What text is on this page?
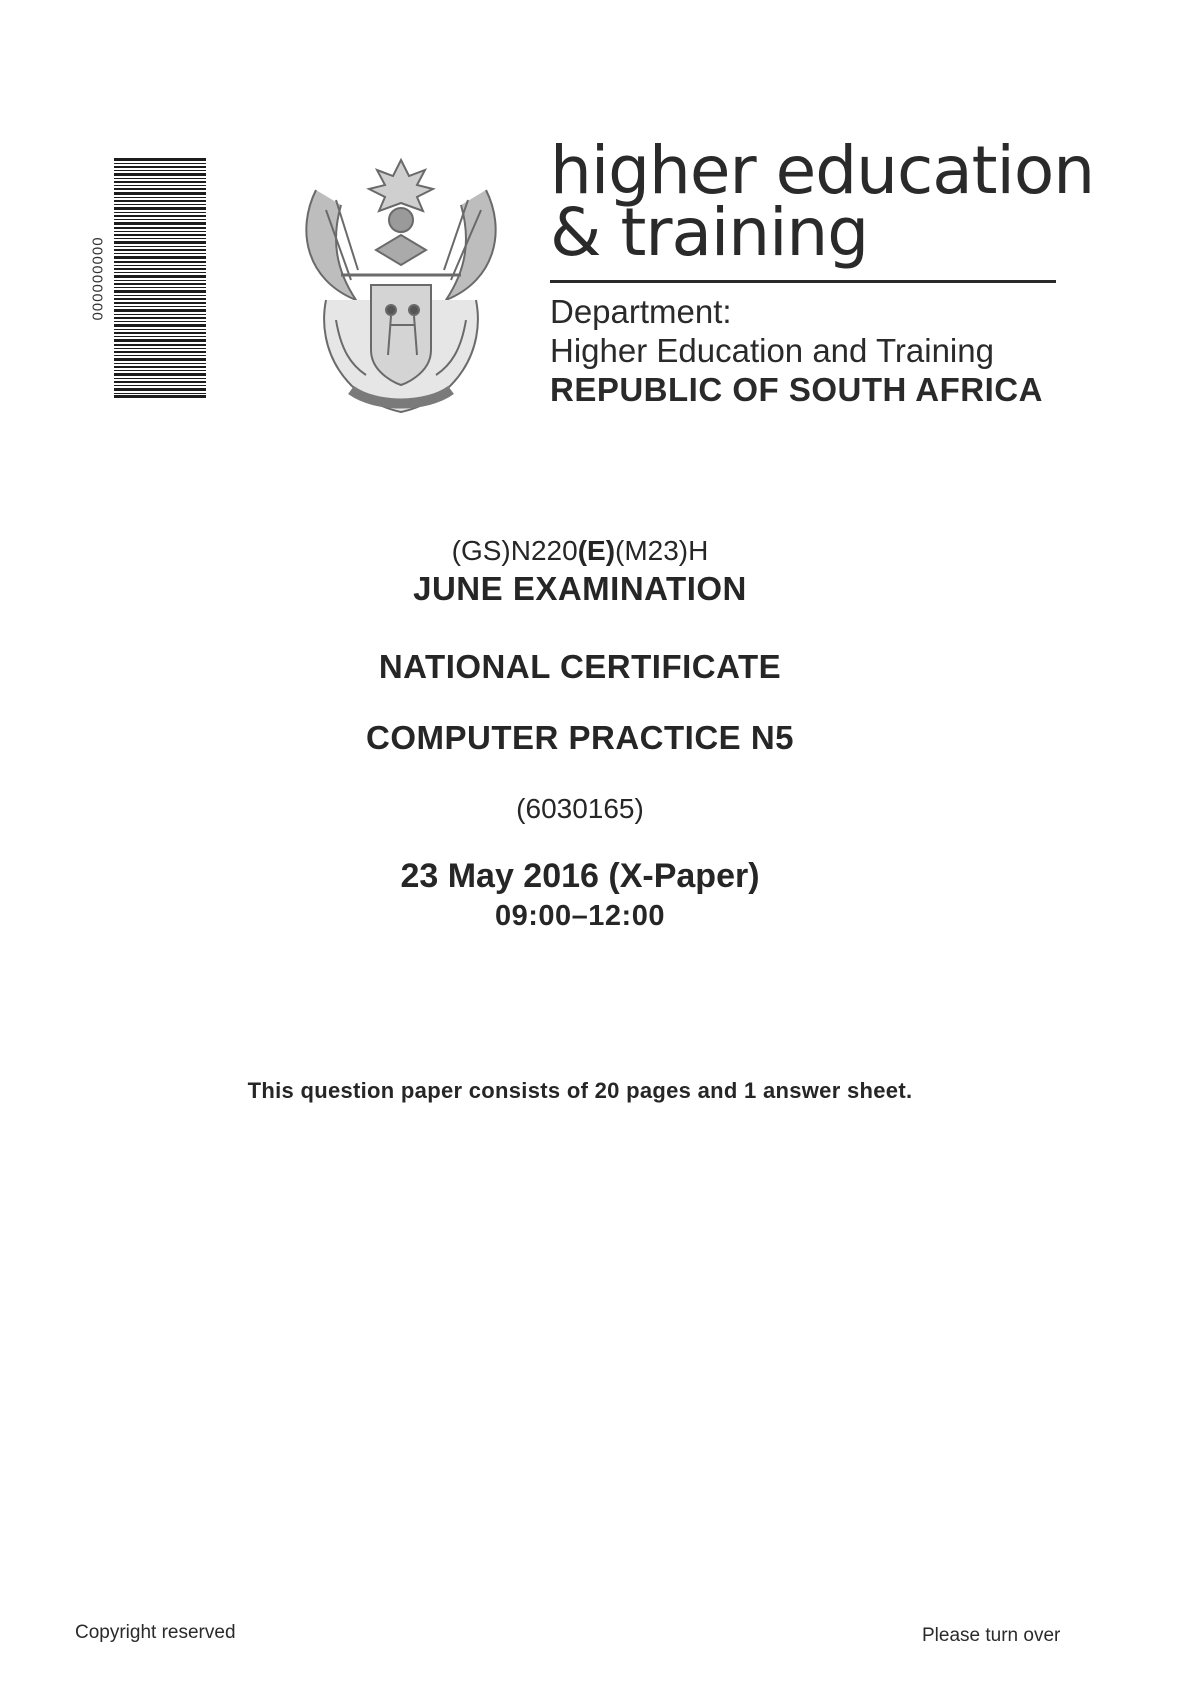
000000000
higher education
& training
Department:
Higher Education and Training
REPUBLIC OF SOUTH AFRICA
(GS)N220(E)(M23)H
JUNE EXAMINATION
NATIONAL CERTIFICATE
COMPUTER PRACTICE N5
(6030165)
23 May 2016 (X-Paper)
09:00–12:00
This question paper consists of 20 pages and 1 answer sheet.
Copyright reserved	Please turn over
